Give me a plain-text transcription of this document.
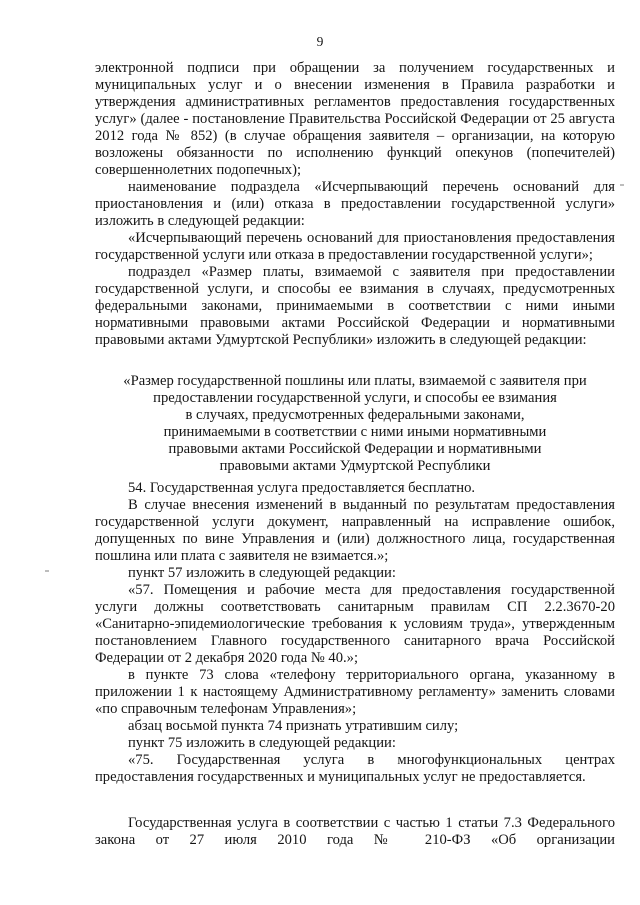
9

электронной подписи при обращении за получением государственных и муниципальных услуг и о внесении изменения в Правила разработки и утверждения административных регламентов предоставления государственных услуг» (далее - постановление Правительства Российской Федерации от 25 августа 2012 года № 852) (в случае обращения заявителя – организации, на которую возложены обязанности по исполнению функций опекунов (попечителей) совершеннолетних подопечных);

наименование подраздела «Исчерпывающий перечень оснований для приостановления и (или) отказа в предоставлении государственной услуги» изложить в следующей редакции:

«Исчерпывающий перечень оснований для приостановления предоставления государственной услуги или отказа в предоставлении государственной услуги»;

подраздел «Размер платы, взимаемой с заявителя при предоставлении государственной услуги, и способы ее взимания в случаях, предусмотренных федеральными законами, принимаемыми в соответствии с ними иными нормативными правовыми актами Российской Федерации и нормативными правовыми актами Удмуртской Республики» изложить в следующей редакции:

«Размер государственной пошлины или платы, взимаемой с заявителя при
предоставлении государственной услуги, и способы ее взимания
в случаях, предусмотренных федеральными законами,
принимаемыми в соответствии с ними иными нормативными
правовыми актами Российской Федерации и нормативными
правовыми актами Удмуртской Республики

54. Государственная услуга предоставляется бесплатно.

В случае внесения изменений в выданный по результатам предоставления государственной услуги документ, направленный на исправление ошибок, допущенных по вине Управления и (или) должностного лица, государственная пошлина или плата с заявителя не взимается.»;

пункт 57 изложить в следующей редакции:

«57. Помещения и рабочие места для предоставления государственной услуги должны соответствовать санитарным правилам СП 2.2.3670-20 «Санитарно-эпидемиологические требования к условиям труда», утвержденным постановлением Главного государственного санитарного врача Российской Федерации от 2 декабря 2020 года № 40.»;

в пункте 73 слова «телефону территориального органа, указанному в приложении 1 к настоящему Административному регламенту» заменить словами «по справочным телефонам Управления»;

абзац восьмой пункта 74 признать утратившим силу;

пункт 75 изложить в следующей редакции:

«75. Государственная услуга в многофункциональных центрах предоставления государственных и муниципальных услуг не предоставляется.

Государственная услуга в соответствии с частью 1 статьи 7.3 Федерального закона от 27 июля 2010 года № 210-ФЗ «Об организации
